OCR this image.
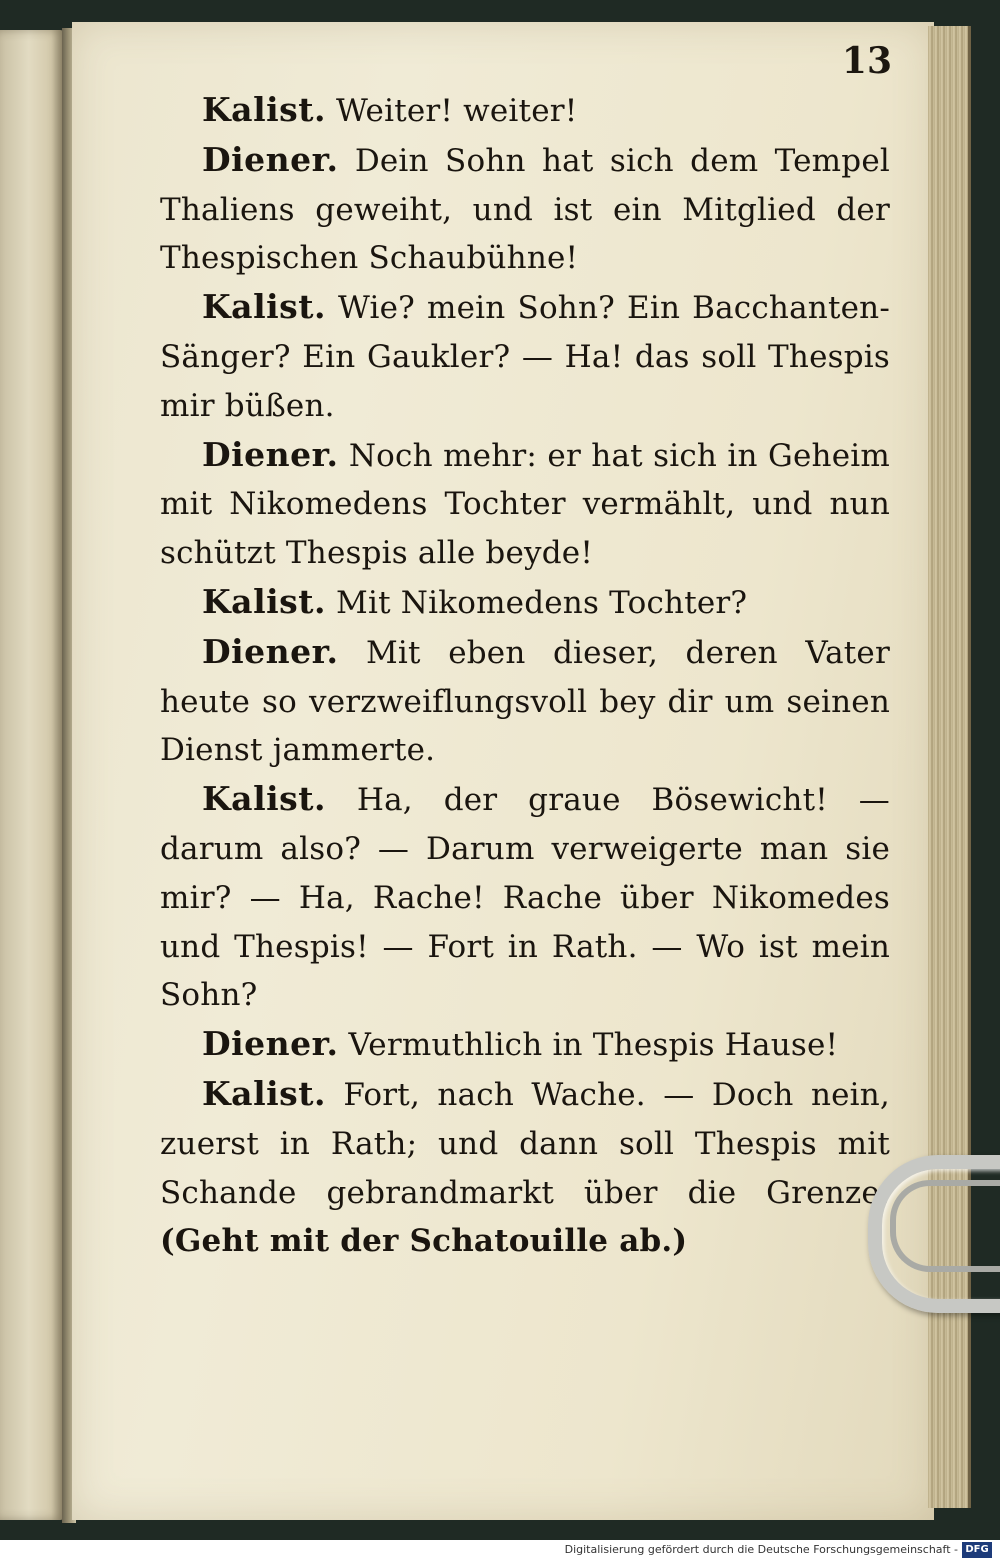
13

Kalist. Weiter! weiter!

Diener. Dein Sohn hat sich dem Tempel Thaliens geweiht, und ist ein Mitglied der Thespischen Schaubühne!

Kalist. Wie? mein Sohn? Ein Bacchanten-Sänger? Ein Gaukler? — Ha! das soll Thespis mir büßen.

Diener. Noch mehr: er hat sich in Geheim mit Nikomedens Tochter vermählt, und nun schützt Thespis alle beyde!

Kalist. Mit Nikomedens Tochter?

Diener. Mit eben dieser, deren Vater heute so verzweiflungsvoll bey dir um seinen Dienst jammerte.

Kalist. Ha, der graue Bösewicht! — darum also? — Darum verweigerte man sie mir? — Ha, Rache! Rache über Nikomedes und Thespis! — Fort in Rath. — Wo ist mein Sohn?

Diener. Vermuthlich in Thespis Hause!

Kalist. Fort, nach Wache. — Doch nein, zuerst in Rath; und dann soll Thespis mit Schande gebrandmarkt über die Grenze. (Geht mit der Schatouille ab.)

Digitalisierung gefördert durch die Deutsche Forschungsgemeinschaft - DFG
